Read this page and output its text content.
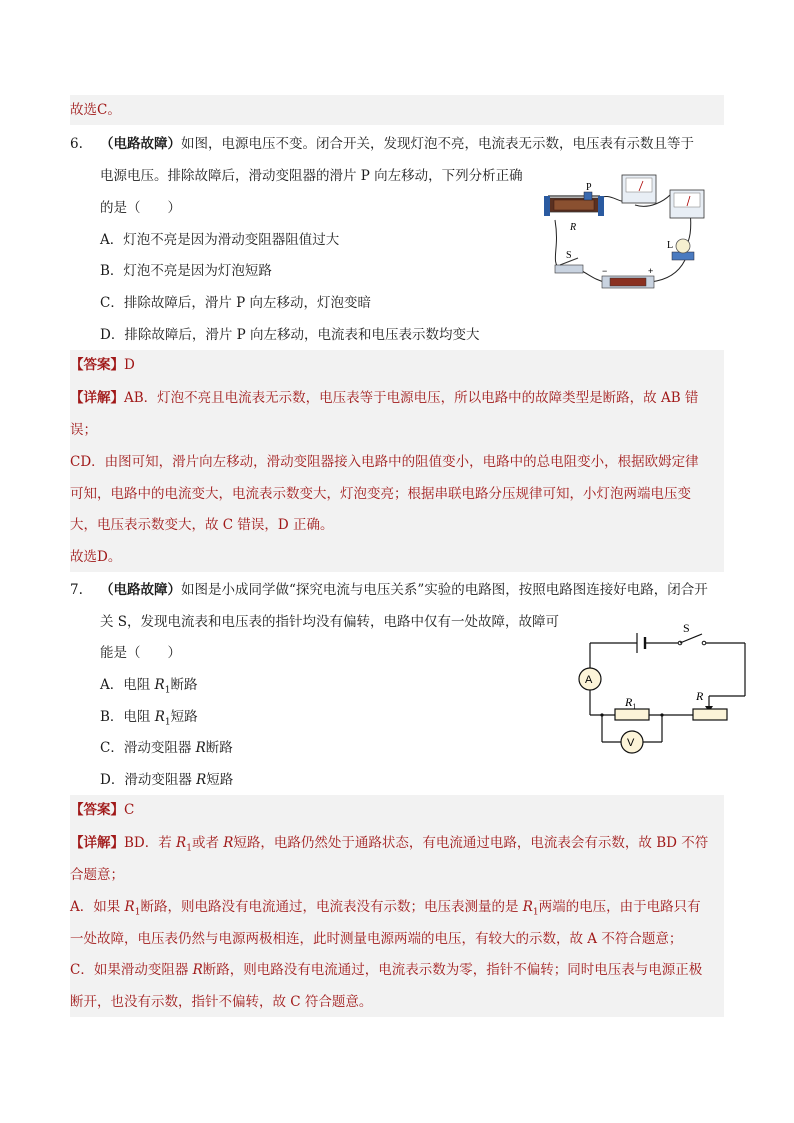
故选C。
6. （电路故障）如图，电源电压不变。闭合开关，发现灯泡不亮，电流表无示数，电压表有示数且等于
电源电压。排除故障后，滑动变阻器的滑片 P 向左移动，下列分析正确
的是（　　）
A．灯泡不亮是因为滑动变阻器阻值过大
B．灯泡不亮是因为灯泡短路
C．排除故障后，滑片 P 向左移动，灯泡变暗
D．排除故障后，滑片 P 向左移动，电流表和电压表示数均变大
P
R
L
S
−	+
【答案】D
【详解】AB．灯泡不亮且电流表无示数，电压表等于电源电压，所以电路中的故障类型是断路，故 AB 错
误；
CD．由图可知，滑片向左移动，滑动变阻器接入电路中的阻值变小，电路中的总电阻变小，根据欧姆定律
可知，电路中的电流变大，电流表示数变大，灯泡变亮；根据串联电路分压规律可知，小灯泡两端电压变
大，电压表示数变大，故 C 错误，D 正确。
故选D。
7. （电路故障）如图是小成同学做“探究电流与电压关系”实验的电路图，按照电路图连接好电路，闭合开
关 S，发现电流表和电压表的指针均没有偏转，电路中仅有一处故障，故障可
能是（　　）
A．电阻 $R_1$断路
B．电阻 $R_1$短路
C．滑动变阻器 R断路
D．滑动变阻器 R短路
S
R
A
$R_1$
V
【答案】C
【详解】BD．若 $R_1$或者 R短路，电路仍然处于通路状态，有电流通过电路，电流表会有示数，故 BD 不符
合题意；
A．如果 $R_1$断路，则电路没有电流通过，电流表没有示数；电压表测量的是 $R_1$两端的电压，由于电路只有
一处故障，电压表仍然与电源两极相连，此时测量电源两端的电压，有较大的示数，故 A 不符合题意；
C．如果滑动变阻器 R断路，则电路没有电流通过，电流表示数为零，指针不偏转；同时电压表与电源正极
断开，也没有示数，指针不偏转，故 C 符合题意。
